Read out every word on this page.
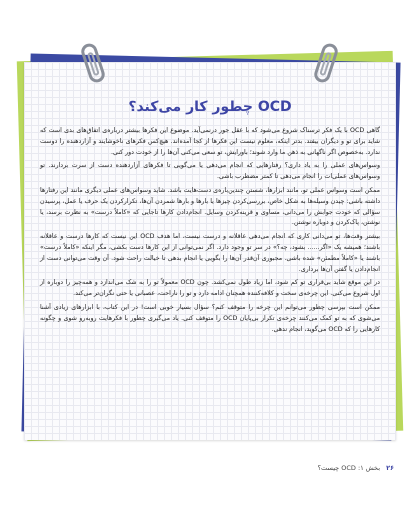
OCD چطور کار می‌کند؟

گاهی OCD با یک فکر ترسناک شروع می‌شود که با عقل جور درنمی‌آید. موضوع این فکرها بیشتر درباره‌ی اتفاق‌های بدی است که شاید برای تو و دیگران بیفتد. بدتر اینکه، معلوم نیست این فکرها از کجا آمده‌اند. هیچ‌کس فکرهای ناخوشایند و آزاردهنده را دوست ندارد. به‌خصوص اگر ناگهانی به ذهن ما وارد شوند؛ باورایش، تو سعی می‌کنی آن‌ها را از خودت دور کنی.

وسواس‌های عملی را به یاد داری؟ رفتارهایی که انجام می‌دهی یا می‌گویی تا فکرهای آزاردهنده دست از سرت بردارند. تو وسواس‌های عملی‌ات را انجام می‌دهی تا کمتر مضطرب باشی.

ممکن است وسواس عملی تو، مانند ابزارها، شستن چندین‌باره‌ی دست‌هایت باشد. شاید وسواس‌های عملی دیگری مانند این رفتارها داشته باشی: چیدن وسیله‌ها به شکل خاص، بررسی‌کردن چیزها یا بارها و بارها شمردن آن‌ها، تکرارکردن یک حرف یا عمل، پرسیدن سؤالی که خودت جوابش را می‌دانی، مساوی و قرینه‌کردن وسایل. انجام‌دادن کارها تاجایی که «کاملاً درست» به نظرت برسد، یا نوشتن، پاک‌کردن و دوباره نوشتن.

بیشتر وقت‌ها، تو می‌دانی کاری که انجام می‌دهی عاقلانه و درست نیست، اما هدف OCD این نیست که کارها درست و عاقلانه باشند؛ همیشه یک «اگر...... بشود، چه؟» در سر تو وجود دارد. اگر نمی‌توانی از این کارها دست بکشی، مگر اینکه «کاملاً درست» باشند یا «کاملاً مطمئن» شده باشی. مجبوری آن‌قدر آن‌ها را بگویی یا انجام بدهی تا خیالت راحت شود. آن وقت می‌توانی دست از انجام‌دادن یا گفتن آن‌ها برداری.

در این موقع شاید بی‌قراری تو کم شود، اما زیاد طول نمی‌کشد. چون OCD معمولاً تو را به شک می‌اندازد و همه‌چیز را دوباره از اول شروع می‌کنی. این چرخه‌ی سخت و کلافه‌کننده همچنان ادامه دارد و تو را ناراحت، عصبانی یا حتی نگران‌تر می‌کند.

ممکن است بپرسی چطور می‌توانم این چرخه را متوقف کنم؟ سؤال بسیار خوبی است! در این کتاب، با ابزارهای زیادی آشنا می‌شوی که به تو کمک می‌کنند چرخه‌ی تکرار بی‌پایان OCD را متوقف کنی. یاد می‌گیری چطور با فکرهایت روبه‌رو شوی و چگونه کارهایی را که OCD می‌گوید، انجام ندهی.

۲۶
بخش ۱: OCD چیست؟
